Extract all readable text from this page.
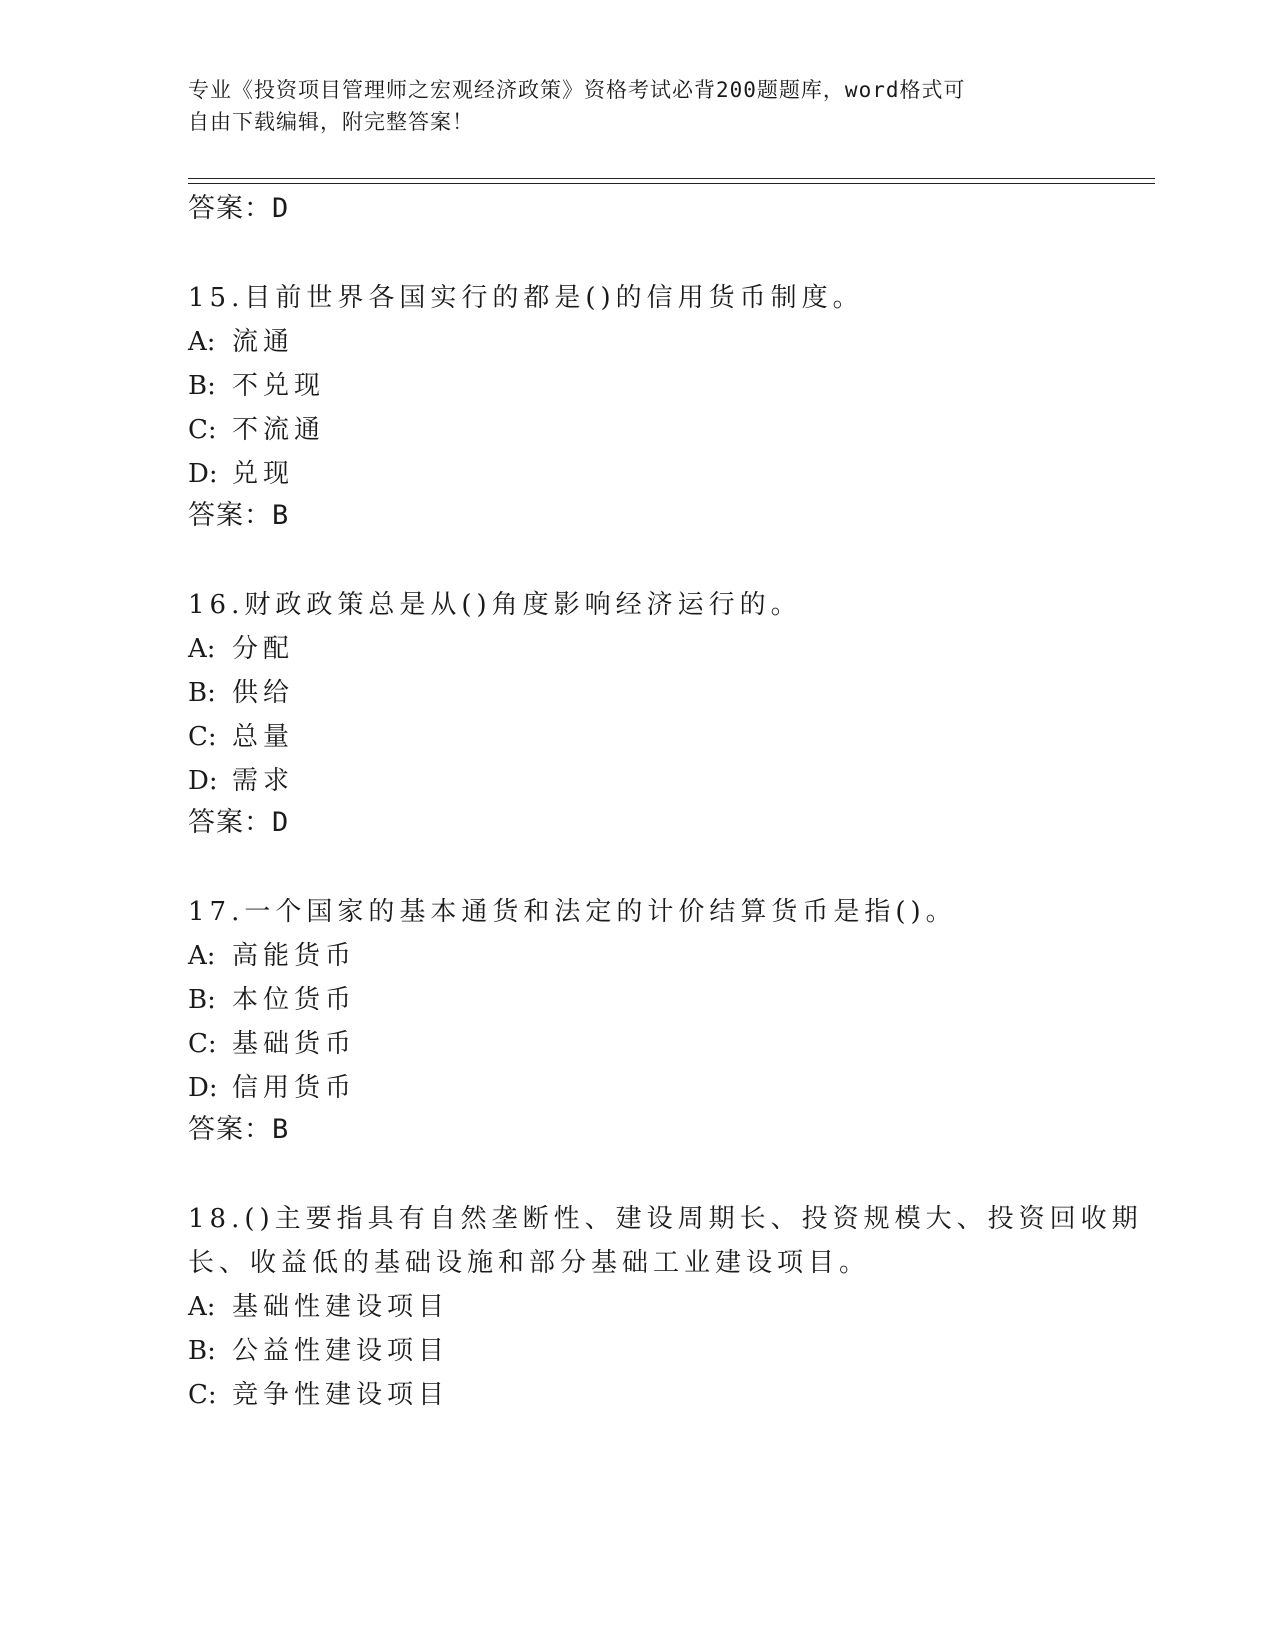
专业《投资项目管理师之宏观经济政策》资格考试必背200题题库，word格式可
自由下载编辑，附完整答案！
答案：D
15.目前世界各国实行的都是()的信用货币制度。
A: 流通
B: 不兑现
C: 不流通
D: 兑现
答案：B
16.财政政策总是从()角度影响经济运行的。
A: 分配
B: 供给
C: 总量
D: 需求
答案：D
17.一个国家的基本通货和法定的计价结算货币是指()。
A: 高能货币
B: 本位货币
C: 基础货币
D: 信用货币
答案：B
18.()主要指具有自然垄断性、建设周期长、投资规模大、投资回收期
长、收益低的基础设施和部分基础工业建设项目。
A: 基础性建设项目
B: 公益性建设项目
C: 竞争性建设项目
